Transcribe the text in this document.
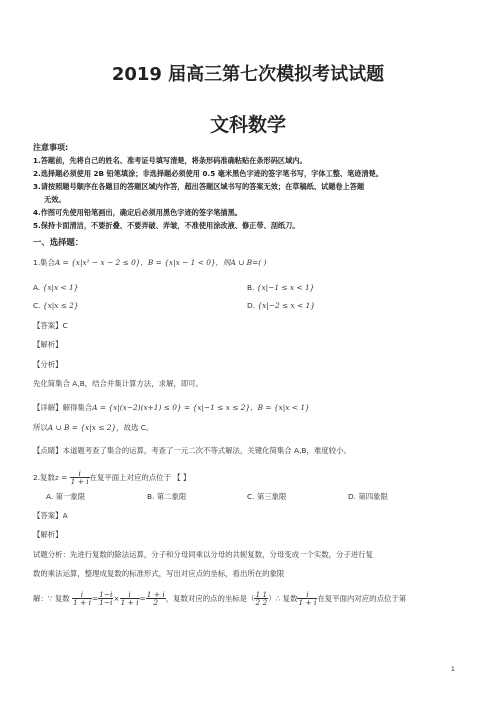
2019 届高三第七次模拟考试试题
文科数学
注意事项:
1.答题前，先将自己的姓名、准考证号填写清楚，将条形码准确粘贴在条形码区域内。
2.选择题必须使用 2B 铅笔填涂；非选择题必须使用 0.5 毫米黑色字迹的签字笔书写，字体工整、笔迹清楚。
3.请按照题号顺序在各题目的答题区域内作答，超出答题区域书写的答案无效；在草稿纸、试题卷上答题
无效。
4.作图可先使用铅笔画出，确定后必须用黑色字迹的签字笔描黑。
5.保持卡面清洁，不要折叠、不要弄破、弄皱，不准使用涂改液、修正带、刮纸刀。
一、选择题：
1.集合A = {x|x² − x − 2 ≤ 0}，B = {x|x − 1 < 0}，则A ∪ B=( )
A. {x|x < 1}	B. {x|−1 ≤ x < 1}
C. {x|x ≤ 2}	D. {x|−2 ≤ x < 1}
【答案】C
【解析】
【分析】
先化简集合 A,B，结合并集计算方法，求解，即可。
【详解】解得集合A = {x|(x−2)(x+1) ≤ 0} = {x|−1 ≤ x ≤ 2}，B = {x|x < 1}
所以A ∪ B = {x|x ≤ 2}，故选 C。
【点睛】本道题考查了集合的运算，考查了一元二次不等式解法，关键化简集合 A,B，难度较小。
2.复数$z = \frac{i}{1 + i}$ 在复平面上对应的点位于 【 】
A. 第一象限	B. 第二象限	C. 第三象限	D. 第四象限
【答案】A
【解析】
试题分析：先进行复数的除法运算，分子和分母同乘以分母的共轭复数，分母变成一个实数，分子进行复
数的乘法运算，整理成复数的标准形式，写出对应点的坐标，看出所在的象限
解：∵ 复数 $\frac{i}{1 + i} = \frac{1-i}{1-i} \times \frac{i}{1 + i} = \frac{1 + i}{2}$ ，复数对应的点的坐标是（ $\frac{1 1}{2 2}$ ）∴ 复数 $\frac{i}{1 + i}$ 在复平面内对应的点位于第
1
